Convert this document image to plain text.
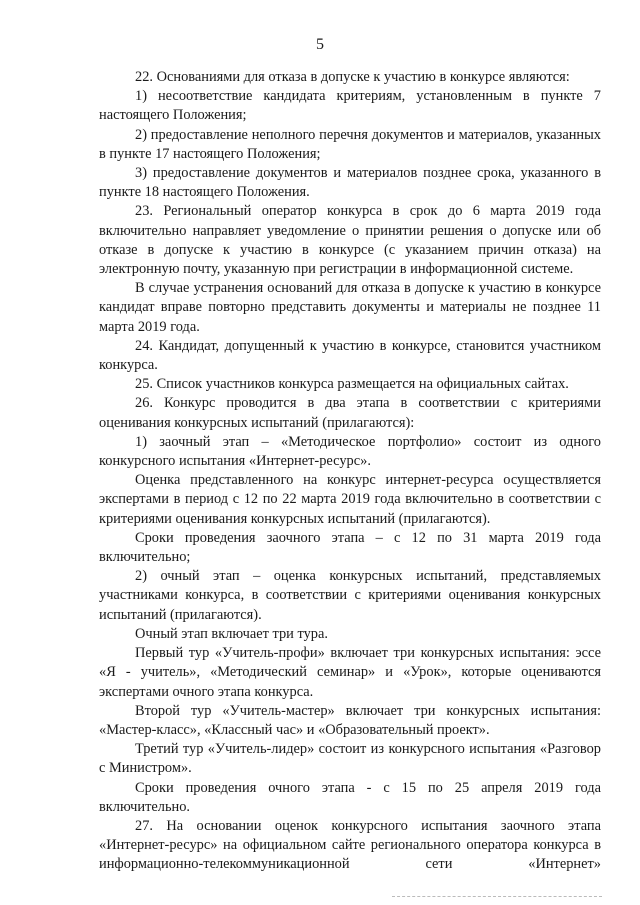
5

22. Основаниями для отказа в допуске к участию в конкурсе являются:

1) несоответствие кандидата критериям, установленным в пункте 7 настоящего Положения;

2) предоставление неполного перечня документов и материалов, указанных в пункте 17 настоящего Положения;

3) предоставление документов и материалов позднее срока, указанного в пункте 18 настоящего Положения.

23. Региональный оператор конкурса в срок до 6 марта 2019 года включительно направляет уведомление о принятии решения о допуске или об отказе в допуске к участию в конкурсе (с указанием причин отказа) на электронную почту, указанную при регистрации в информационной системе.

В случае устранения оснований для отказа в допуске к участию в конкурсе кандидат вправе повторно представить документы и материалы не позднее 11 марта 2019 года.

24. Кандидат, допущенный к участию в конкурсе, становится участником конкурса.

25. Список участников конкурса размещается на официальных сайтах.

26. Конкурс проводится в два этапа в соответствии с критериями оценивания конкурсных испытаний (прилагаются):

1) заочный этап – «Методическое портфолио» состоит из одного конкурсного испытания «Интернет-ресурс».

Оценка представленного на конкурс интернет-ресурса осуществляется экспертами в период с 12 по 22 марта 2019 года включительно в соответствии с критериями оценивания конкурсных испытаний (прилагаются).

Сроки проведения заочного этапа – с 12 по 31 марта 2019 года включительно;

2) очный этап – оценка конкурсных испытаний, представляемых участниками конкурса, в соответствии с критериями оценивания конкурсных испытаний (прилагаются).

Очный этап включает три тура.

Первый тур «Учитель-профи» включает три конкурсных испытания: эссе «Я - учитель», «Методический семинар» и «Урок», которые оцениваются экспертами очного этапа конкурса.

Второй тур «Учитель-мастер» включает три конкурсных испытания: «Мастер-класс», «Классный час» и «Образовательный проект».

Третий тур «Учитель-лидер» состоит из конкурсного испытания «Разговор с Министром».

Сроки проведения очного этапа - с 15 по 25 апреля 2019 года включительно.

27. На основании оценок конкурсного испытания заочного этапа «Интернет-ресурс» на официальном сайте регионального оператора конкурса в информационно-телекоммуникационной сети «Интернет»
